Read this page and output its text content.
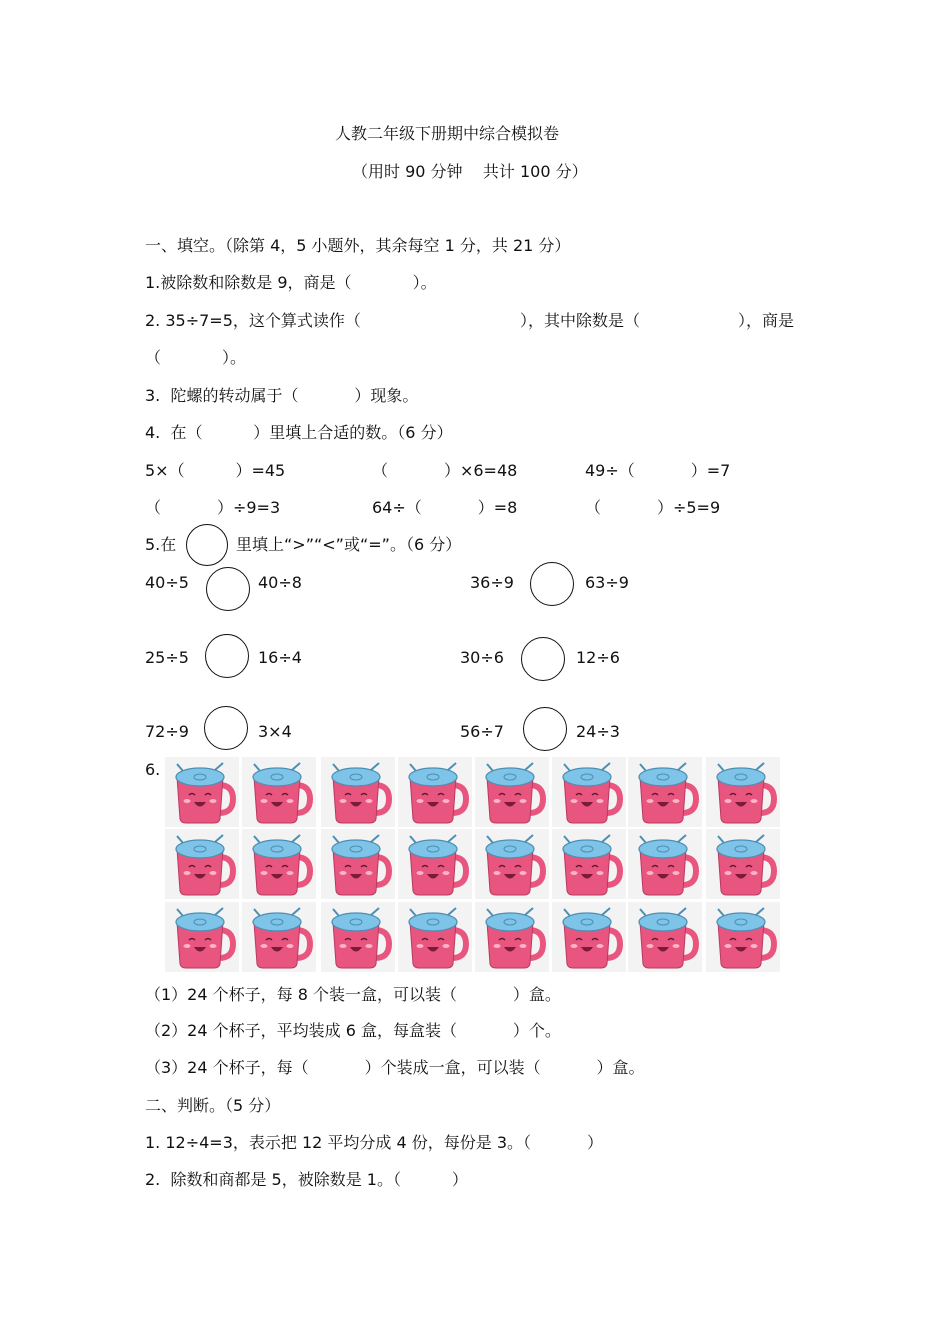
人教二年级下册期中综合模拟卷
（用时 90 分钟    共计 100 分）
一、填空。（除第 4，5 小题外，其余每空 1 分，共 21 分）
1.被除数和除数是 9，商是（            ）。
2. 35÷7=5，这个算式读作（	），其中除数是（	），商是
（            ）。
3.  陀螺的转动属于（           ）现象。
4.  在（          ）里填上合适的数。（6 分）
5×（          ）=45	（           ）×6=48	49÷（           ）=7
（           ）÷9=3	64÷（           ）=8	（           ）÷5=9
5.在	里填上“>”“<”或“=”。（6 分）
40÷5	40÷8	36÷9	63÷9
25÷5	16÷4	30÷6	12÷6
72÷9	3×4	56÷7	24÷3
6.
（1）24 个杯子，每 8 个装一盒，可以装（           ）盒。
（2）24 个杯子，平均装成 6 盒，每盒装（           ）个。
（3）24 个杯子，每（           ）个装成一盒，可以装（           ）盒。
二、判断。（5 分）
1. 12÷4=3，表示把 12 平均分成 4 份，每份是 3。（           ）
2.  除数和商都是 5，被除数是 1。（          ）
